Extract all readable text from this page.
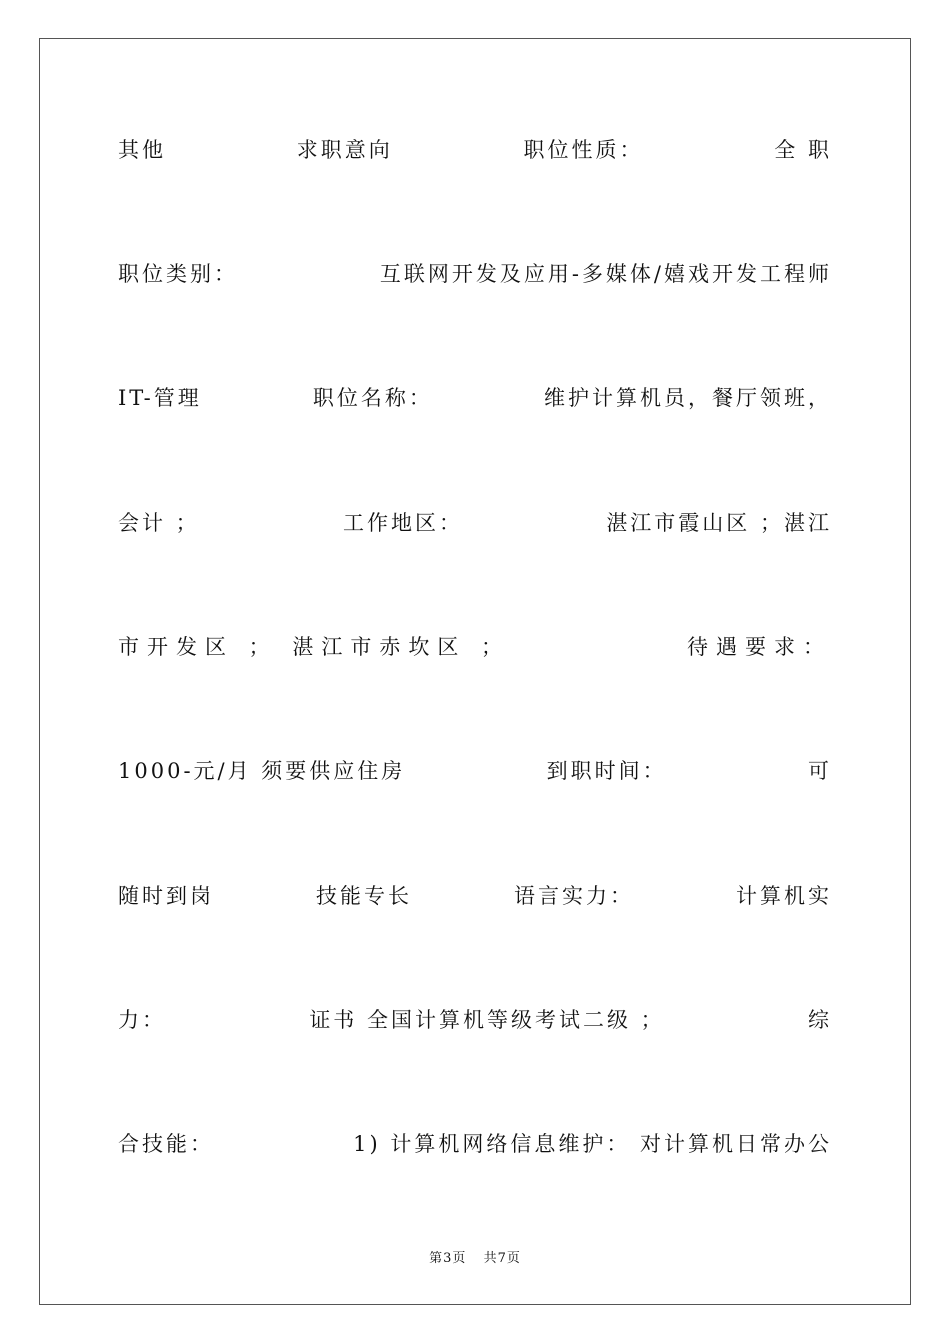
其他	求职意向	职位性质：	全 职
职位类别：	互联网开发及应用-多媒体/嬉戏开发工程师
IT-管理	职位名称：	维护计算机员，餐厅领班，
会计 ；	工作地区：	湛江市霞山区 ；湛江
市开发区 ； 湛江市赤坎区 ；	待遇要求：
1000-元/月 须要供应住房	到职时间：	可
随时到岗	技能专长	语言实力：	计算机实
力：	证书 全国计算机等级考试二级 ；	综
合技能：	1) 计算机网络信息维护： 对计算机日常办公
第3页 共7页
